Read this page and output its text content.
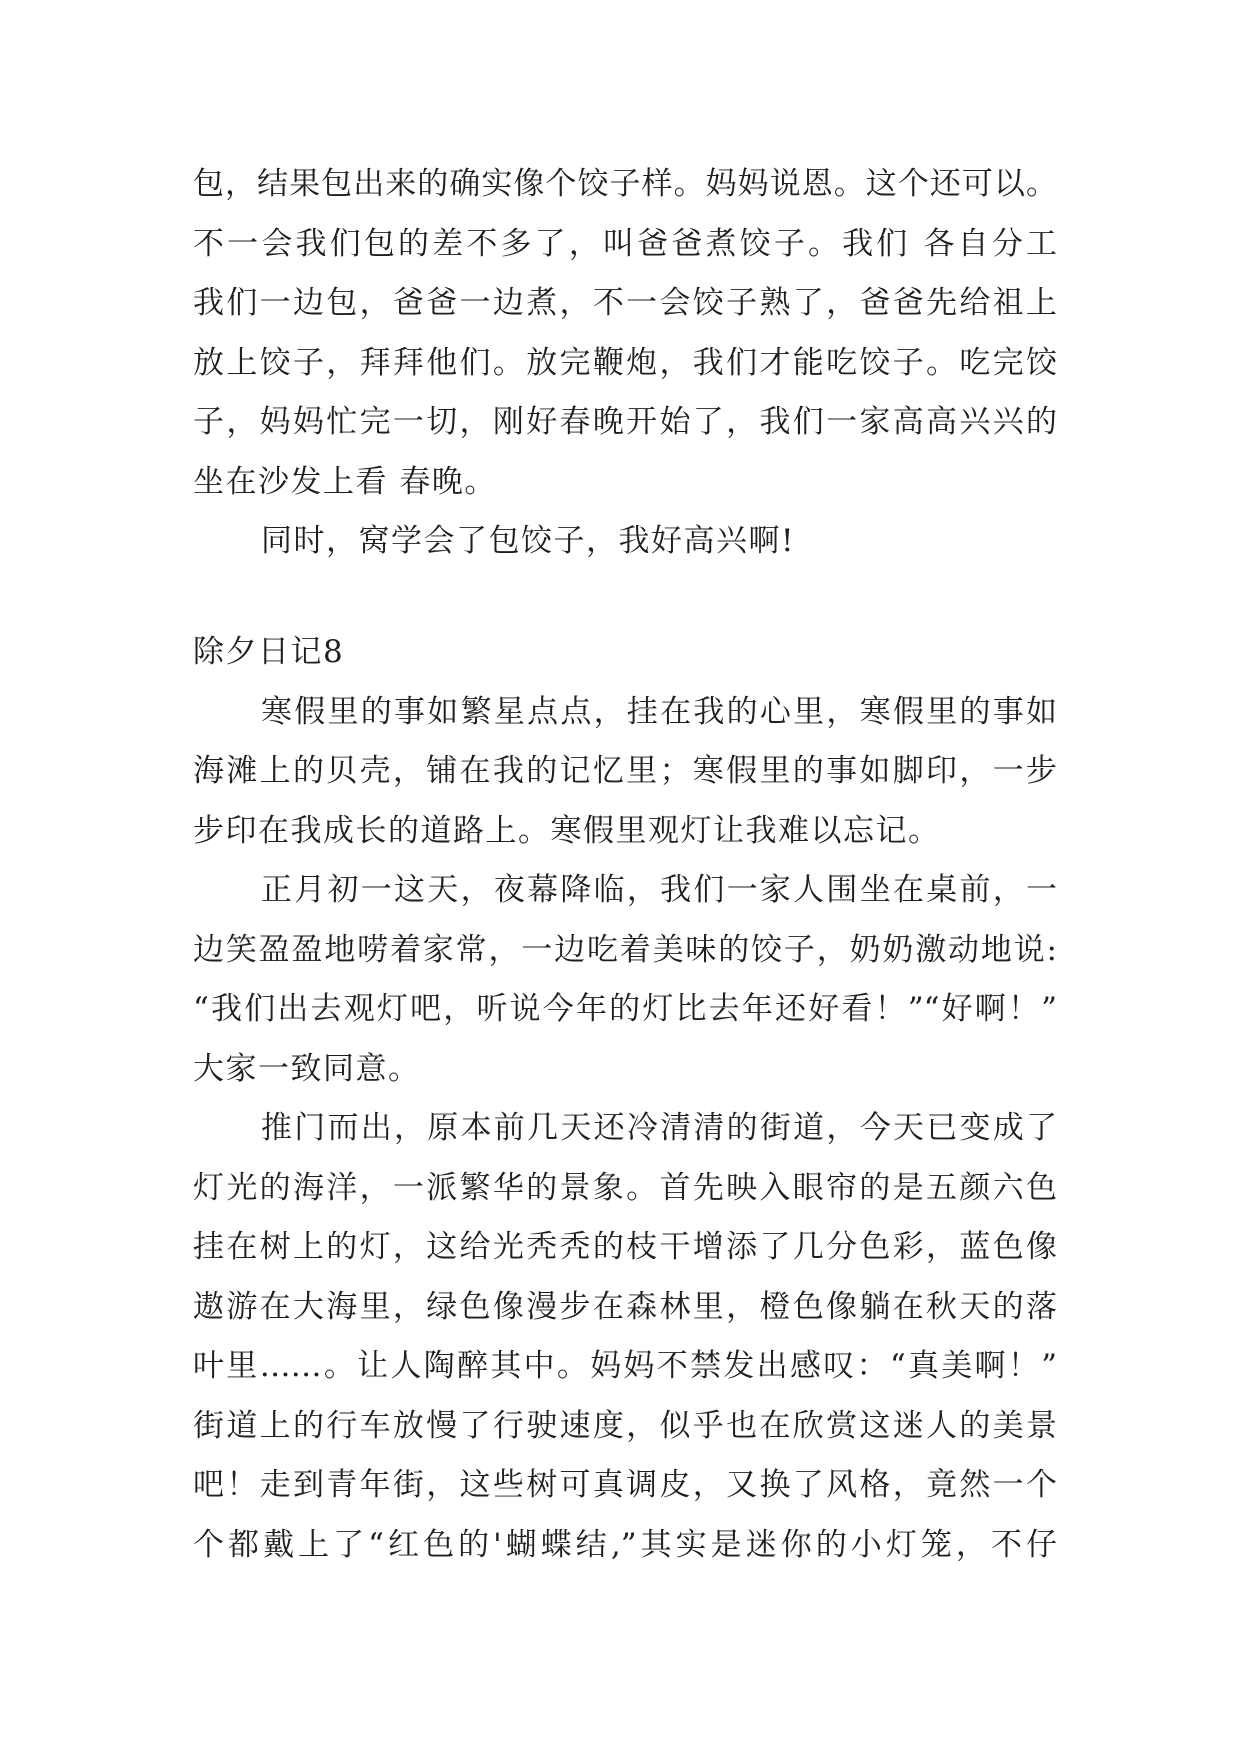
包，结果包出来的确实像个饺子样。妈妈说恩。这个还可以。
不一会我们包的差不多了，叫爸爸煮饺子。我们 各自分工
我们一边包，爸爸一边煮，不一会饺子熟了，爸爸先给祖上
放上饺子，拜拜他们。放完鞭炮，我们才能吃饺子。吃完饺
子，妈妈忙完一切，刚好春晚开始了，我们一家高高兴兴的
坐在沙发上看 春晚。
同时，窝学会了包饺子，我好高兴啊!
除夕日记8
寒假里的事如繁星点点，挂在我的心里，寒假里的事如
海滩上的贝壳，铺在我的记忆里；寒假里的事如脚印，一步
步印在我成长的道路上。寒假里观灯让我难以忘记。
正月初一这天，夜幕降临，我们一家人围坐在桌前，一
边笑盈盈地唠着家常，一边吃着美味的饺子，奶奶激动地说:
“我们出去观灯吧，听说今年的灯比去年还好看！”“好啊！”
大家一致同意。
推门而出，原本前几天还冷清清的街道，今天已变成了
灯光的海洋，一派繁华的景象。首先映入眼帘的是五颜六色
挂在树上的灯，这给光秃秃的枝干增添了几分色彩，蓝色像
遨游在大海里，绿色像漫步在森林里，橙色像躺在秋天的落
叶里……。让人陶醉其中。妈妈不禁发出感叹：“真美啊！”
街道上的行车放慢了行驶速度，似乎也在欣赏这迷人的美景
吧！走到青年街，这些树可真调皮，又换了风格，竟然一个
个都戴上了“红色的'蝴蝶结,”其实是迷你的小灯笼，不仔
